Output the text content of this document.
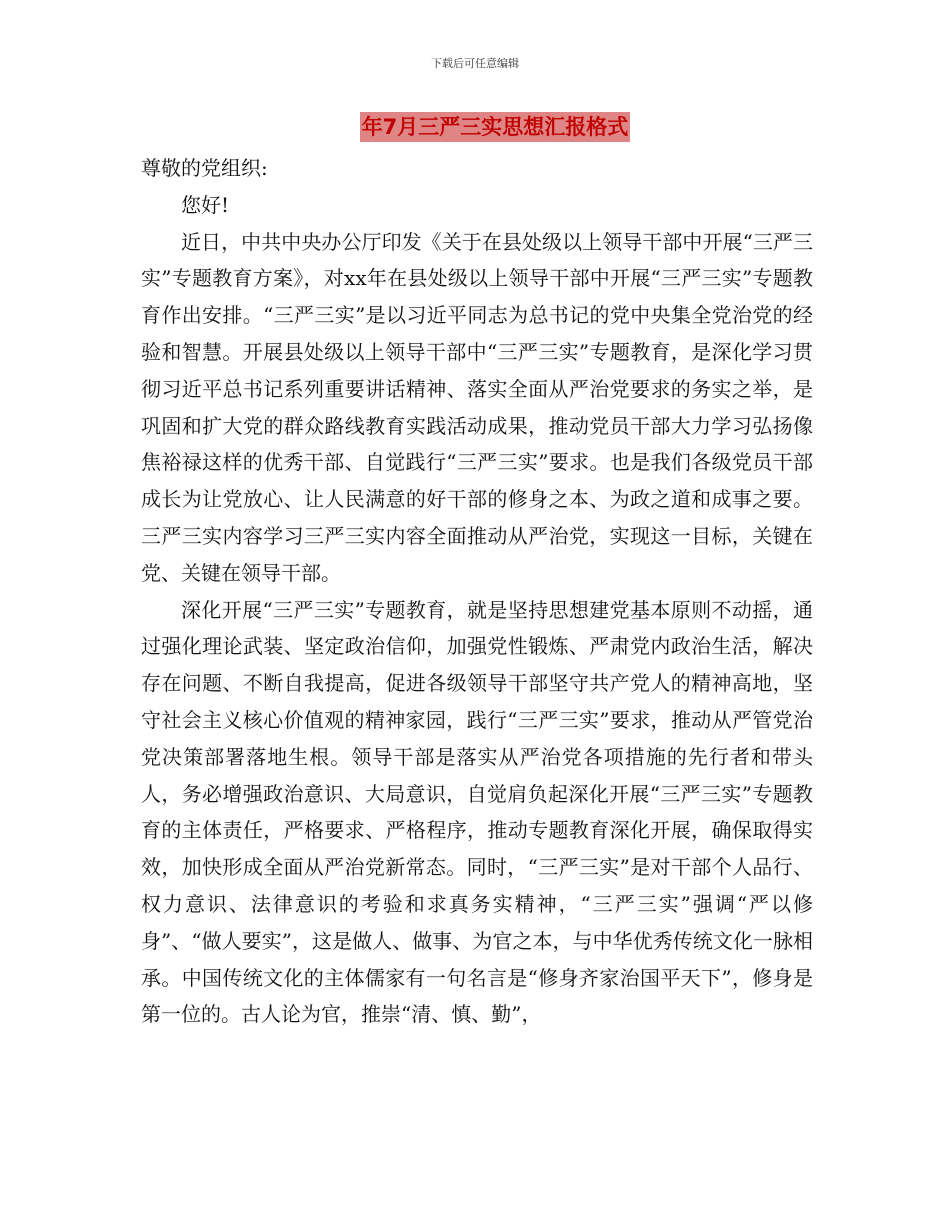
下载后可任意编辑
年7月三严三实思想汇报格式

尊敬的党组织:

您好!

近日，中共中央办公厅印发《关于在县处级以上领导干部中开展“三严三实”专题教育方案》，对xx年在县处级以上领导干部中开展“三严三实”专题教育作出安排。“三严三实”是以习近平同志为总书记的党中央集全党治党的经验和智慧。开展县处级以上领导干部中“三严三实”专题教育，是深化学习贯彻习近平总书记系列重要讲话精神、落实全面从严治党要求的务实之举，是巩固和扩大党的群众路线教育实践活动成果，推动党员干部大力学习弘扬像焦裕禄这样的优秀干部、自觉践行“三严三实”要求。也是我们各级党员干部成长为让党放心、让人民满意的好干部的修身之本、为政之道和成事之要。三严三实内容学习三严三实内容全面推动从严治党，实现这一目标，关键在党、关键在领导干部。

深化开展“三严三实”专题教育，就是坚持思想建党基本原则不动摇，通过强化理论武装、坚定政治信仰，加强党性锻炼、严肃党内政治生活，解决存在问题、不断自我提高，促进各级领导干部坚守共产党人的精神高地，坚守社会主义核心价值观的精神家园，践行“三严三实”要求，推动从严管党治党决策部署落地生根。领导干部是落实从严治党各项措施的先行者和带头人，务必增强政治意识、大局意识，自觉肩负起深化开展“三严三实”专题教育的主体责任，严格要求、严格程序，推动专题教育深化开展，确保取得实效，加快形成全面从严治党新常态。同时，“三严三实”是对干部个人品行、权力意识、法律意识的考验和求真务实精神，“三严三实”强调“严以修身”、“做人要实”，这是做人、做事、为官之本，与中华优秀传统文化一脉相承。中国传统文化的主体儒家有一句名言是“修身齐家治国平天下”，修身是第一位的。古人论为官，推崇“清、慎、勤”，
